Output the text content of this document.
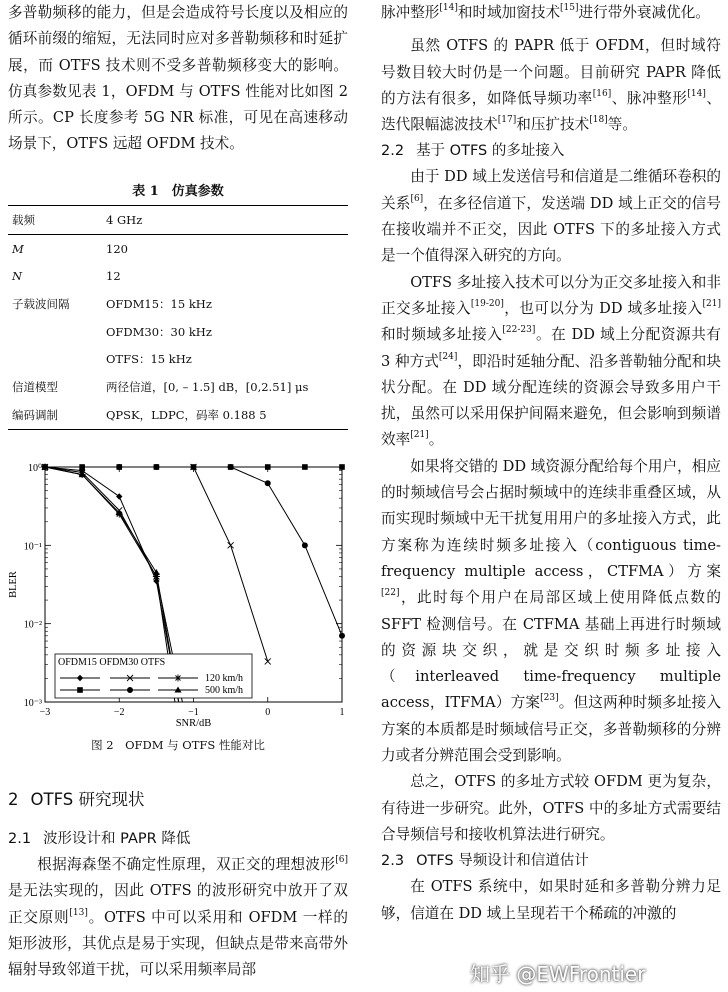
多普勒频移的能力，但是会造成符号长度以及相应的循环前缀的缩短，无法同时应对多普勒频移和时延扩展，而 OTFS 技术则不受多普勒频移变大的影响。仿真参数见表 1，OFDM 与 OTFS 性能对比如图 2 所示。CP 长度参考 5G NR 标准，可见在高速移动场景下，OTFS 远超 OFDM 技术。

表 1　仿真参数
载频	4 GHz
M	120
N	12
子载波间隔	OFDM15：15 kHz
	OFDM30：30 kHz
	OTFS：15 kHz
信道模型	两径信道，[0, – 1.5] dB，[0,2.51] μs
编码调制	QPSK，LDPC，码率 0.188 5
−3	−2	−1	0	1
10⁰
10⁻¹
10⁻²
10⁻³
SNR/dB
BLER
OFDM15 OFDM30 OTFS
120 km/h
500 km/h
图 2　OFDM 与 OTFS 性能对比
2 OTFS 研究现状
2.1 波形设计和 PAPR 降低

根据海森堡不确定性原理，双正交的理想波形[6]是无法实现的，因此 OTFS 的波形研究中放开了双正交原则[13]。OTFS 中可以采用和 OFDM 一样的矩形波形，其优点是易于实现，但缺点是带来高带外辐射导致邻道干扰，可以采用频率局部

脉冲整形[14]和时域加窗技术[15]进行带外衰减优化。

虽然 OTFS 的 PAPR 低于 OFDM，但时域符号数目较大时仍是一个问题。目前研究 PAPR 降低的方法有很多，如降低导频功率[16]、脉冲整形[14]、迭代限幅滤波技术[17]和压扩技术[18]等。

2.2 基于 OTFS 的多址接入

由于 DD 域上发送信号和信道是二维循环卷积的关系[6]，在多径信道下，发送端 DD 域上正交的信号在接收端并不正交，因此 OTFS 下的多址接入方式是一个值得深入研究的方向。

OTFS 多址接入技术可以分为正交多址接入和非正交多址接入[19-20]，也可以分为 DD 域多址接入[21]和时频域多址接入[22-23]。在 DD 域上分配资源共有 3 种方式[24]，即沿时延轴分配、沿多普勒轴分配和块状分配。在 DD 域分配连续的资源会导致多用户干扰，虽然可以采用保护间隔来避免，但会影响到频谱效率[21]。

如果将交错的 DD 域资源分配给每个用户，相应的时频域信号会占据时频域中的连续非重叠区域，从而实现时频域中无干扰复用用户的多址接入方式，此方案称为连续时频多址接入（contiguous time-frequency multiple access，CTFMA）方案[22]，此时每个用户在局部区域上使用降低点数的 SFFT 检测信号。在 CTFMA 基础上再进行时频域的资源块交织，就是交织时频多址接入（interleaved time-frequency multiple access，ITFMA）方案[23]。但这两种时频多址接入方案的本质都是时频域信号正交，多普勒频移的分辨力或者分辨范围会受到影响。

总之，OTFS 的多址方式较 OFDM 更为复杂，有待进一步研究。此外，OTFS 中的多址方式需要结合导频信号和接收机算法进行研究。

2.3 OTFS 导频设计和信道估计

在 OTFS 系统中，如果时延和多普勒分辨力足够，信道在 DD 域上呈现若干个稀疏的冲激的

知乎 @EWFrontier
